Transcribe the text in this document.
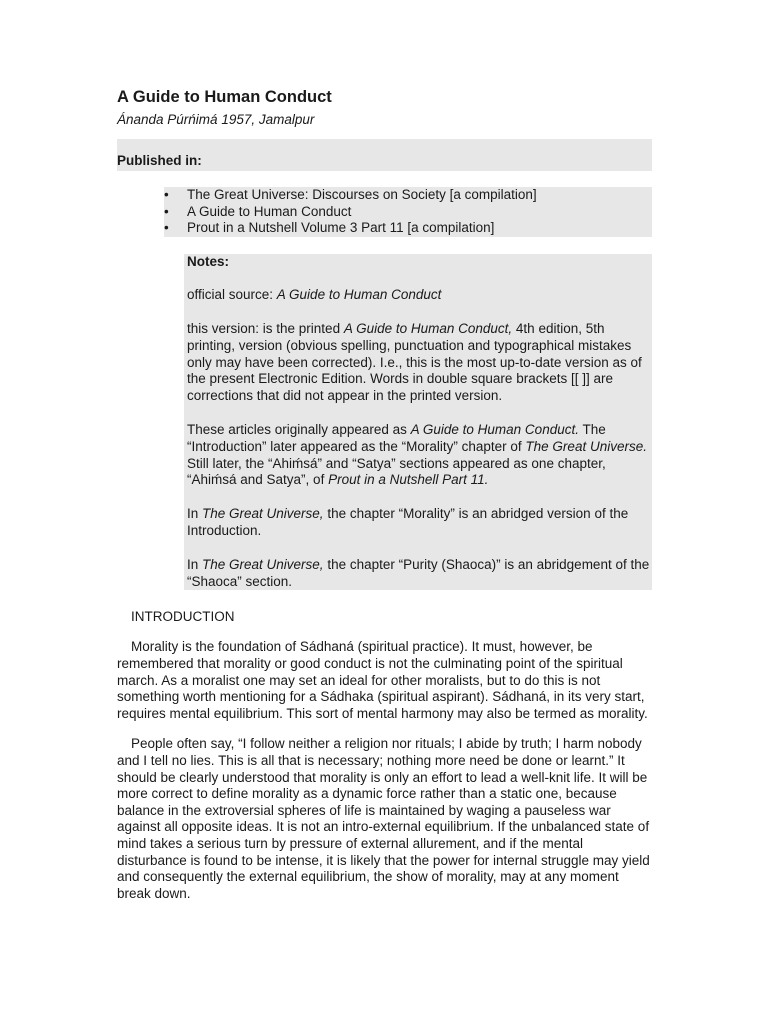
A Guide to Human Conduct
Ánanda Púrńimá 1957, Jamalpur
Published in:
• The Great Universe: Discourses on Society [a compilation]
• A Guide to Human Conduct
• Prout in a Nutshell Volume 3 Part 11 [a compilation]

Notes:

official source: A Guide to Human Conduct

this version: is the printed A Guide to Human Conduct, 4th edition, 5th printing, version (obvious spelling, punctuation and typographical mistakes only may have been corrected). I.e., this is the most up-to-date version as of the present Electronic Edition. Words in double square brackets [[ ]] are corrections that did not appear in the printed version.

These articles originally appeared as A Guide to Human Conduct. The “Introduction” later appeared as the “Morality” chapter of The Great Universe. Still later, the “Ahiḿsá” and “Satya” sections appeared as one chapter, “Ahiḿsá and Satya”, of Prout in a Nutshell Part 11.

In The Great Universe, the chapter “Morality” is an abridged version of the Introduction.

In The Great Universe, the chapter “Purity (Shaoca)” is an abridgement of the “Shaoca” section.

INTRODUCTION

Morality is the foundation of Sádhaná (spiritual practice). It must, however, be remembered that morality or good conduct is not the culminating point of the spiritual march. As a moralist one may set an ideal for other moralists, but to do this is not something worth mentioning for a Sádhaka (spiritual aspirant). Sádhaná, in its very start, requires mental equilibrium. This sort of mental harmony may also be termed as morality.

People often say, “I follow neither a religion nor rituals; I abide by truth; I harm nobody and I tell no lies. This is all that is necessary; nothing more need be done or learnt.” It should be clearly understood that morality is only an effort to lead a well-knit life. It will be more correct to define morality as a dynamic force rather than a static one, because balance in the extroversial spheres of life is maintained by waging a pauseless war against all opposite ideas. It is not an intro-external equilibrium. If the unbalanced state of mind takes a serious turn by pressure of external allurement, and if the mental disturbance is found to be intense, it is likely that the power for internal struggle may yield and consequently the external equilibrium, the show of morality, may at any moment break down.
